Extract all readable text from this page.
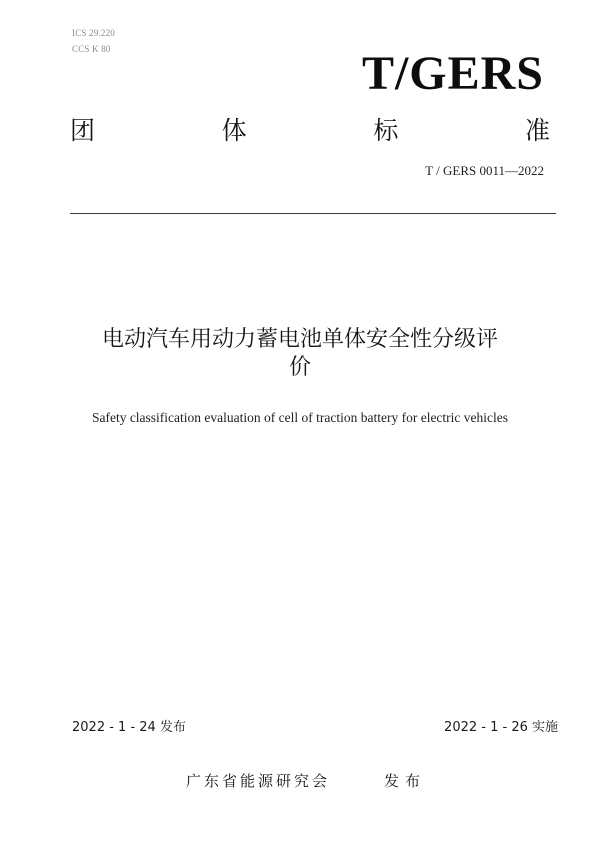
ICS 29.220
CCS K 80	T/GERS
团	体	标	准
T / GERS 0011—2022
电动汽车用动力蓄电池单体安全性分级评
价
Safety classification evaluation of cell of traction battery for electric vehicles
2022 - 1 - 24 发布	2022 - 1 - 26 实施
广东省能源研究会	发布
